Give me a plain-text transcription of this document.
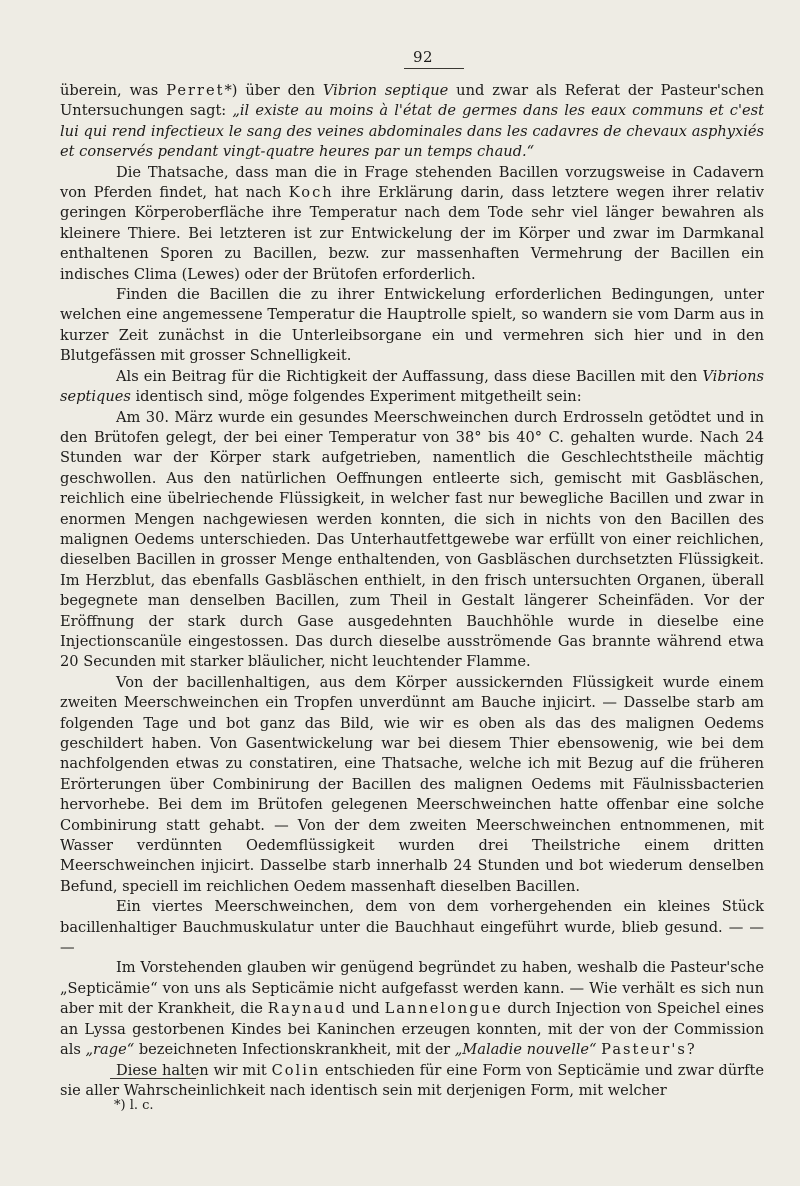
92

überein, was Perret*) über den Vibrion septique und zwar als Referat der Pasteur'schen Untersuchungen sagt: „il existe au moins à l'état de germes dans les eaux communs et c'est lui qui rend infectieux le sang des veines abdominales dans les cadavres de chevaux asphyxiés et conservés pendant vingt-quatre heures par un temps chaud.“

Die Thatsache, dass man die in Frage stehenden Bacillen vorzugsweise in Cadavern von Pferden findet, hat nach Koch ihre Erklärung darin, dass letztere wegen ihrer relativ geringen Körperoberfläche ihre Temperatur nach dem Tode sehr viel länger bewahren als kleinere Thiere. Bei letzteren ist zur Entwickelung der im Körper und zwar im Darmkanal enthaltenen Sporen zu Bacillen, bezw. zur massenhaften Vermehrung der Bacillen ein indisches Clima (Lewes) oder der Brütofen erforderlich.

Finden die Bacillen die zu ihrer Entwickelung erforderlichen Bedingungen, unter welchen eine angemessene Temperatur die Hauptrolle spielt, so wandern sie vom Darm aus in kurzer Zeit zunächst in die Unterleibsorgane ein und vermehren sich hier und in den Blutgefässen mit grosser Schnelligkeit.

Als ein Beitrag für die Richtigkeit der Auffassung, dass diese Bacillen mit den Vibrions septiques identisch sind, möge folgendes Experiment mitgetheilt sein:

Am 30. März wurde ein gesundes Meerschweinchen durch Erdrosseln getödtet und in den Brütofen gelegt, der bei einer Temperatur von 38° bis 40° C. gehalten wurde. Nach 24 Stunden war der Körper stark aufgetrieben, namentlich die Geschlechtstheile mächtig geschwollen. Aus den natürlichen Oeffnungen entleerte sich, gemischt mit Gasbläschen, reichlich eine übelriechende Flüssigkeit, in welcher fast nur bewegliche Bacillen und zwar in enormen Mengen nachgewiesen werden konnten, die sich in nichts von den Bacillen des malignen Oedems unterschieden. Das Unterhautfettgewebe war erfüllt von einer reichlichen, dieselben Bacillen in grosser Menge enthaltenden, von Gasbläschen durchsetzten Flüssigkeit. Im Herzblut, das ebenfalls Gasbläschen enthielt, in den frisch untersuchten Organen, überall begegnete man denselben Bacillen, zum Theil in Gestalt längerer Scheinfäden. Vor der Eröffnung der stark durch Gase ausgedehnten Bauchhöhle wurde in dieselbe eine Injectionscanüle eingestossen. Das durch dieselbe ausströmende Gas brannte während etwa 20 Secunden mit starker bläulicher, nicht leuchtender Flamme.

Von der bacillenhaltigen, aus dem Körper aussickernden Flüssigkeit wurde einem zweiten Meerschweinchen ein Tropfen unverdünnt am Bauche injicirt. — Dasselbe starb am folgenden Tage und bot ganz das Bild, wie wir es oben als das des malignen Oedems geschildert haben. Von Gasentwickelung war bei diesem Thier ebensowenig, wie bei dem nachfolgenden etwas zu constatiren, eine Thatsache, welche ich mit Bezug auf die früheren Erörterungen über Combinirung der Bacillen des malignen Oedems mit Fäulnissbacterien hervorhebe. Bei dem im Brütofen gelegenen Meerschweinchen hatte offenbar eine solche Combinirung statt gehabt. — Von der dem zweiten Meerschweinchen entnommenen, mit Wasser verdünnten Oedemflüssigkeit wurden drei Theilstriche einem dritten Meerschweinchen injicirt. Dasselbe starb innerhalb 24 Stunden und bot wiederum denselben Befund, speciell im reichlichen Oedem massenhaft dieselben Bacillen.

Ein viertes Meerschweinchen, dem von dem vorhergehenden ein kleines Stück bacillenhaltiger Bauchmuskulatur unter die Bauchhaut eingeführt wurde, blieb gesund. — — —

Im Vorstehenden glauben wir genügend begründet zu haben, weshalb die Pasteur'sche „Septicämie“ von uns als Septicämie nicht aufgefasst werden kann. — Wie verhält es sich nun aber mit der Krankheit, die Raynaud und Lannelongue durch Injection von Speichel eines an Lyssa gestorbenen Kindes bei Kaninchen erzeugen konnten, mit der von der Commission als „rage“ bezeichneten Infectionskrankheit, mit der „Maladie nouvelle“ Pasteur's?

Diese halten wir mit Colin entschieden für eine Form von Septicämie und zwar dürfte sie aller Wahrscheinlichkeit nach identisch sein mit derjenigen Form, mit welcher

*) l. c.
